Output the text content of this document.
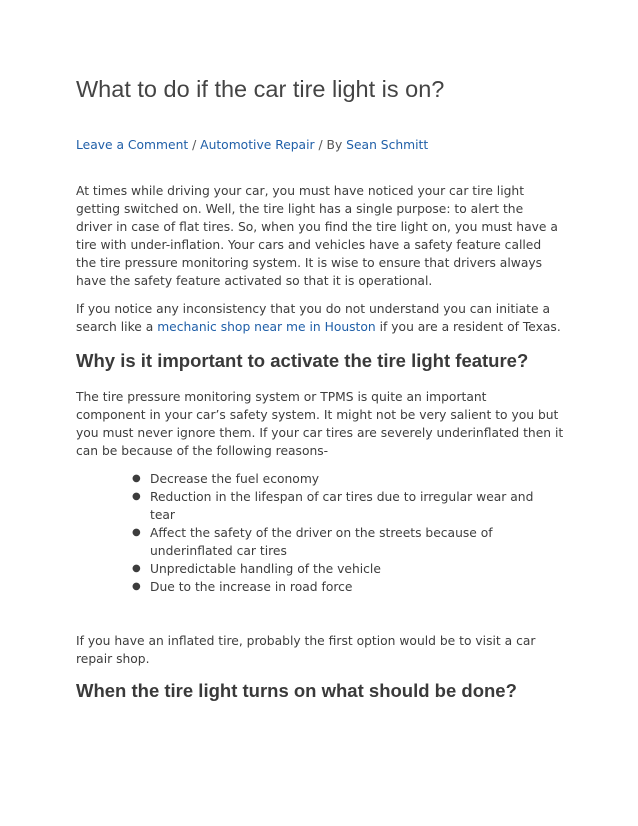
What to do if the car tire light is on?
Leave a Comment / Automotive Repair / By Sean Schmitt
At times while driving your car, you must have noticed your car tire light
getting switched on. Well, the tire light has a single purpose: to alert the
driver in case of flat tires. So, when you find the tire light on, you must have a
tire with under-inflation. Your cars and vehicles have a safety feature called
the tire pressure monitoring system. It is wise to ensure that drivers always
have the safety feature activated so that it is operational.
If you notice any inconsistency that you do not understand you can initiate a
search like a mechanic shop near me in Houston if you are a resident of Texas.
Why is it important to activate the tire light feature?
The tire pressure monitoring system or TPMS is quite an important
component in your car’s safety system. It might not be very salient to you but
you must never ignore them. If your car tires are severely underinflated then it
can be because of the following reasons-
● Decrease the fuel economy
● Reduction in the lifespan of car tires due to irregular wear and
tear
● Affect the safety of the driver on the streets because of
underinflated car tires
● Unpredictable handling of the vehicle
● Due to the increase in road force
If you have an inflated tire, probably the first option would be to visit a car
repair shop.
When the tire light turns on what should be done?
